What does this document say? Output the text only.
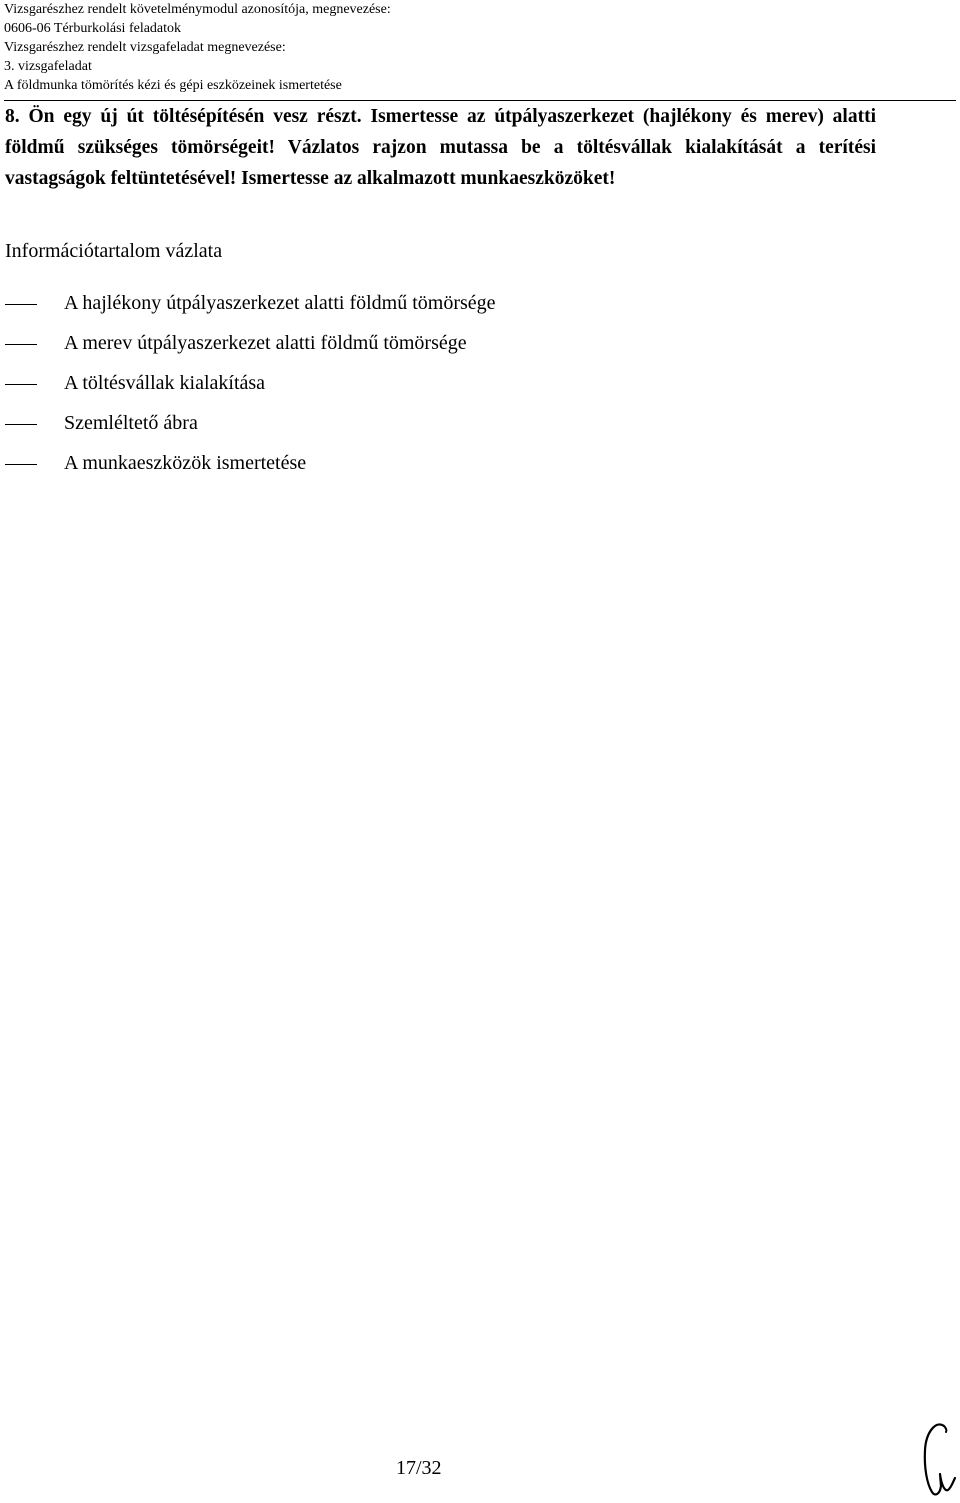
Vizsgarészhez rendelt követelménymodul azonosítója, megnevezése:
0606-06 Térburkolási feladatok
Vizsgarészhez rendelt vizsgafeladat megnevezése:
3. vizsgafeladat
A földmunka tömörítés kézi és gépi eszközeinek ismertetése

8. Ön egy új út töltésépítésén vesz részt. Ismertesse az útpályaszerkezet (hajlékony és merev) alatti földmű szükséges tömörségeit! Vázlatos rajzon mutassa be a töltésvállak kialakítását a terítési vastagságok feltüntetésével! Ismertesse az alkalmazott munkaeszközöket!

Információtartalom vázlata
A hajlékony útpályaszerkezet alatti földmű tömörsége
A merev útpályaszerkezet alatti földmű tömörsége
A töltésvállak kialakítása
Szemléltető ábra
A munkaeszközök ismertetése
17/32
